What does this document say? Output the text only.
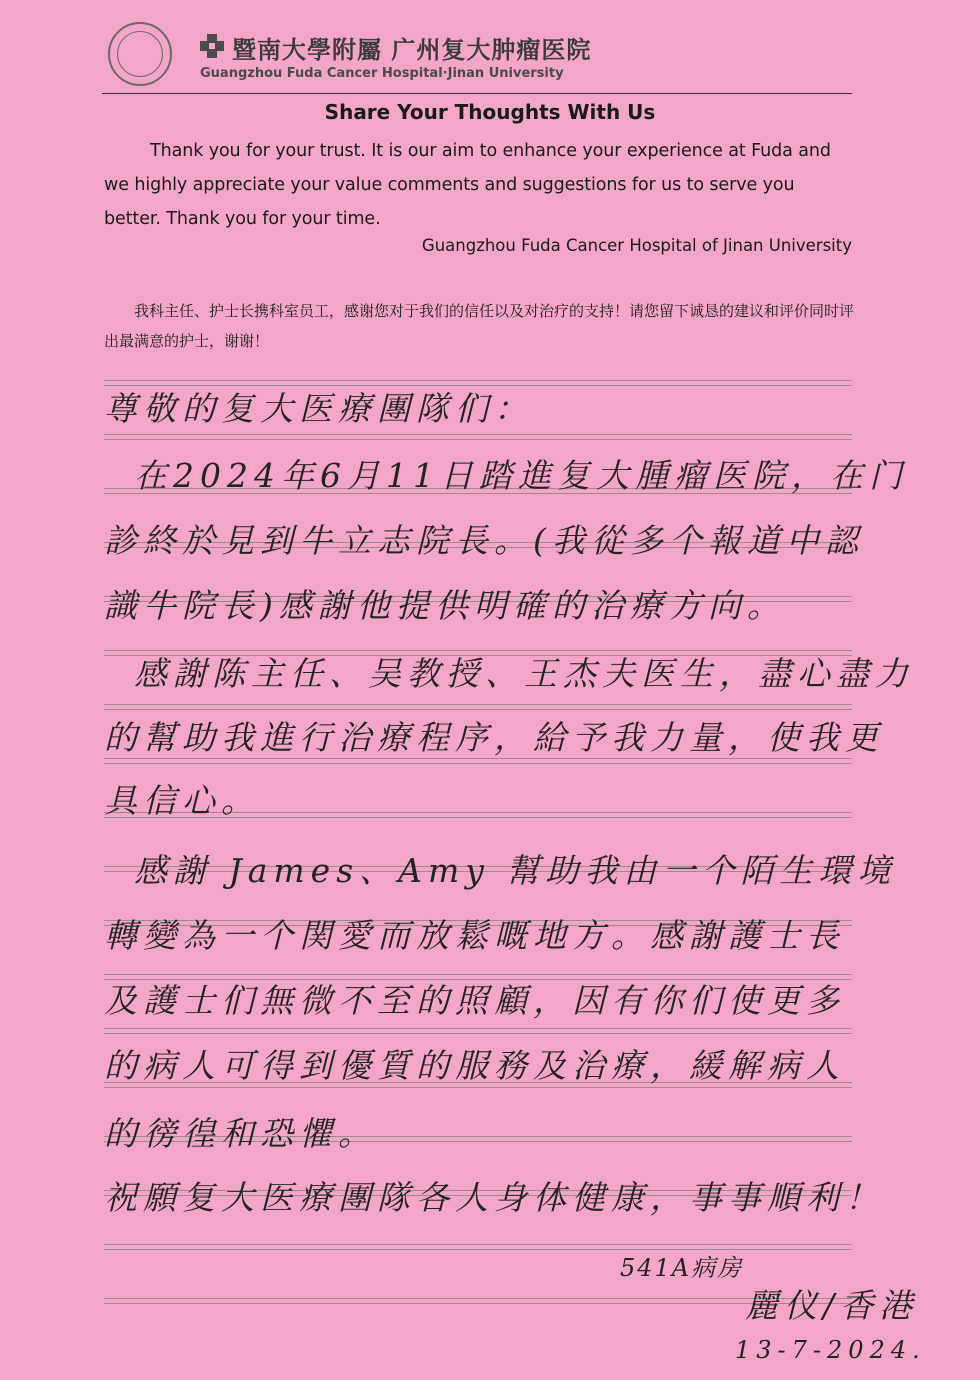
暨南大學附屬 广州复大肿瘤医院
Guangzhou Fuda Cancer Hospital·Jinan University
Share Your Thoughts With Us
Thank you for your trust. It is our aim to enhance your experience at Fuda and we highly appreciate your value comments and suggestions for us to serve you better. Thank you for your time.
Guangzhou Fuda Cancer Hospital of Jinan University
我科主任、护士长携科室员工，感谢您对于我们的信任以及对治疗的支持！请您留下诚恳的建议和评价同时评出最满意的护士，谢谢！
尊敬的复大医療團隊们：
在2024年6月11日踏進复大腫瘤医院，在门
診終於見到牛立志院長。(我從多个報道中認
識牛院長)感謝他提供明確的治療方向。
感謝陈主任、吴教授、王杰夫医生，盡心盡力
的幫助我進行治療程序，給予我力量，使我更
具信心。
感謝 James、Amy 幫助我由一个陌生環境
轉變為一个関愛而放鬆嘅地方。感謝護士長
及護士们無微不至的照顧，因有你们使更多
的病人可得到優質的服務及治療，緩解病人
的徬徨和恐懼。
祝願复大医療團隊各人身体健康，事事順利！
541A病房
麗仪/香港
13-7-2024.
